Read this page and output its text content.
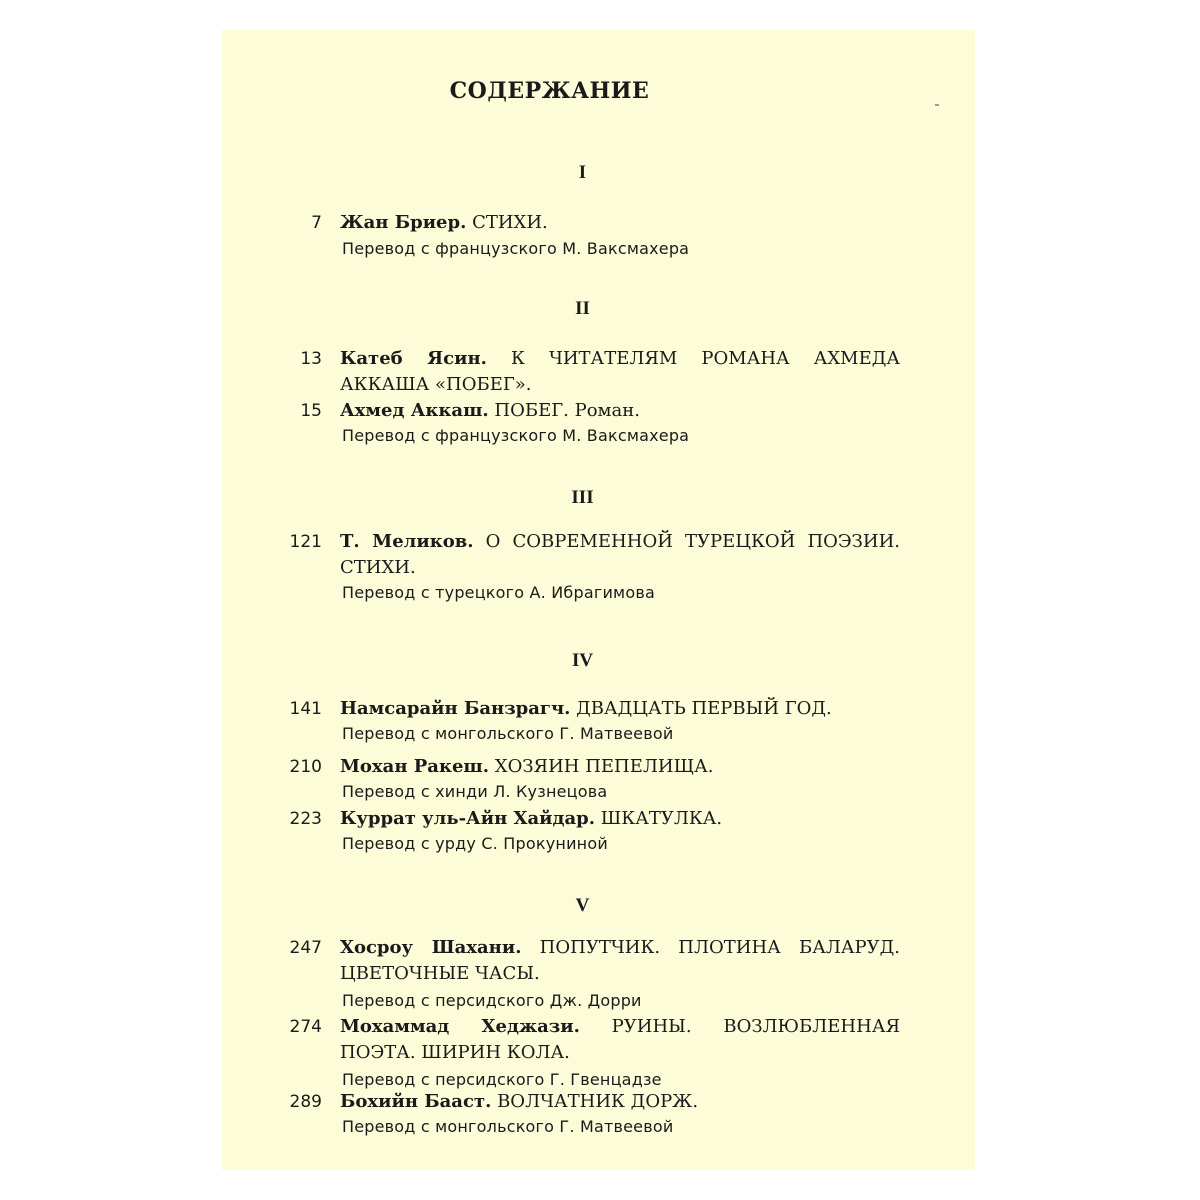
СОДЕРЖАНИЕ
I
7 Жан Бриер. СТИХИ.
Перевод с французского М. Ваксмахера
II
13 Катеб Ясин. К ЧИТАТЕЛЯМ РОМАНА АХМЕДА АККАША «ПОБЕГ».
15 Ахмед Аккаш. ПОБЕГ. Роман.
Перевод с французского М. Ваксмахера
III
121 Т. Меликов. О СОВРЕМЕННОЙ ТУРЕЦКОЙ ПОЭЗИИ. СТИХИ.
Перевод с турецкого А. Ибрагимова
IV
141 Намсарайн Банзрагч. ДВАДЦАТЬ ПЕРВЫЙ ГОД.
Перевод с монгольского Г. Матвеевой
210 Мохан Ракеш. ХОЗЯИН ПЕПЕЛИЩА.
Перевод с хинди Л. Кузнецова
223 Куррат уль-Айн Хайдар. ШКАТУЛКА.
Перевод с урду С. Прокуниной
V
247 Хосроу Шахани. ПОПУТЧИК. ПЛОТИНА БАЛАРУД. ЦВЕТОЧНЫЕ ЧАСЫ.
Перевод с персидского Дж. Дорри
274 Мохаммад Хеджази. РУИНЫ. ВОЗЛЮБЛЕННАЯ ПОЭТА. ШИРИН КОЛА.
Перевод с персидского Г. Гвенцадзе
289 Бохийн Бааст. ВОЛЧАТНИК ДОРЖ.
Перевод с монгольского Г. Матвеевой
